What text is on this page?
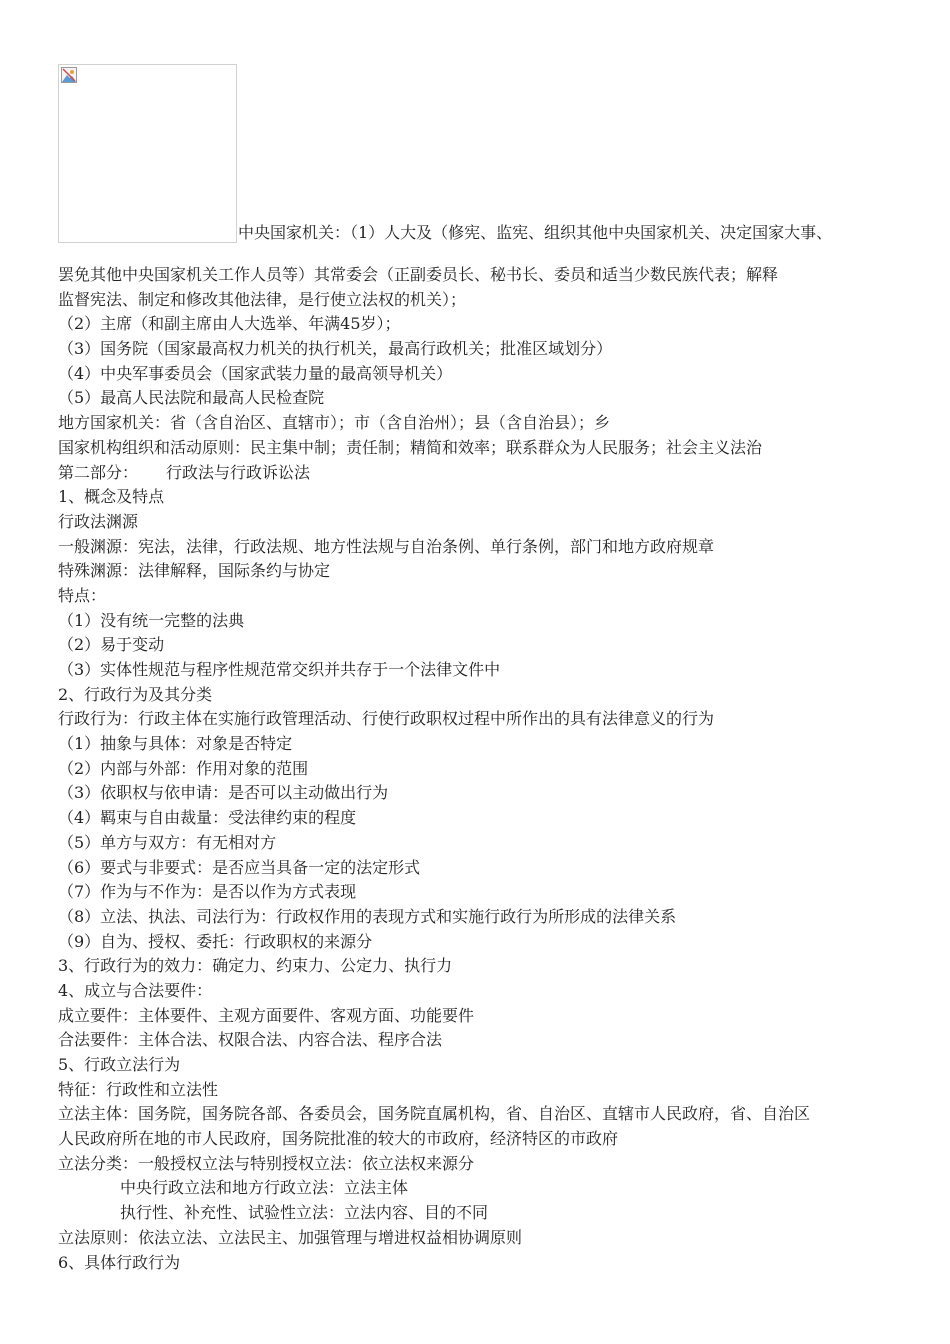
中央国家机关：（1）人大及（修宪、监宪、组织其他中央国家机关、决定国家大事、
罢免其他中央国家机关工作人员等）其常委会（正副委员长、秘书长、委员和适当少数民族代表；解释
监督宪法、制定和修改其他法律，是行使立法权的机关）；
（2）主席（和副主席由人大选举、年满45岁）；
（3）国务院（国家最高权力机关的执行机关，最高行政机关；批准区域划分）
（4）中央军事委员会（国家武装力量的最高领导机关）
（5）最高人民法院和最高人民检查院
地方国家机关：省（含自治区、直辖市）；市（含自治州）；县（含自治县）；乡
国家机构组织和活动原则：民主集中制；责任制；精简和效率；联系群众为人民服务；社会主义法治
第二部分： 行政法与行政诉讼法
1、概念及特点
行政法渊源
一般渊源：宪法，法律，行政法规、地方性法规与自治条例、单行条例，部门和地方政府规章
特殊渊源：法律解释，国际条约与协定
特点：
（1）没有统一完整的法典
（2）易于变动
（3）实体性规范与程序性规范常交织并共存于一个法律文件中
2、行政行为及其分类
行政行为：行政主体在实施行政管理活动、行使行政职权过程中所作出的具有法律意义的行为
（1）抽象与具体：对象是否特定
（2）内部与外部：作用对象的范围
（3）依职权与依申请：是否可以主动做出行为
（4）羁束与自由裁量：受法律约束的程度
（5）单方与双方：有无相对方
（6）要式与非要式：是否应当具备一定的法定形式
（7）作为与不作为：是否以作为方式表现
（8）立法、执法、司法行为：行政权作用的表现方式和实施行政行为所形成的法律关系
（9）自为、授权、委托：行政职权的来源分
3、行政行为的效力：确定力、约束力、公定力、执行力
4、成立与合法要件：
成立要件：主体要件、主观方面要件、客观方面、功能要件
合法要件：主体合法、权限合法、内容合法、程序合法
5、行政立法行为
特征：行政性和立法性
立法主体：国务院，国务院各部、各委员会，国务院直属机构，省、自治区、直辖市人民政府，省、自治区
人民政府所在地的市人民政府，国务院批准的较大的市政府，经济特区的市政府
立法分类：一般授权立法与特别授权立法：依立法权来源分
中央行政立法和地方行政立法：立法主体
执行性、补充性、试验性立法：立法内容、目的不同
立法原则：依法立法、立法民主、加强管理与增进权益相协调原则
6、具体行政行为
